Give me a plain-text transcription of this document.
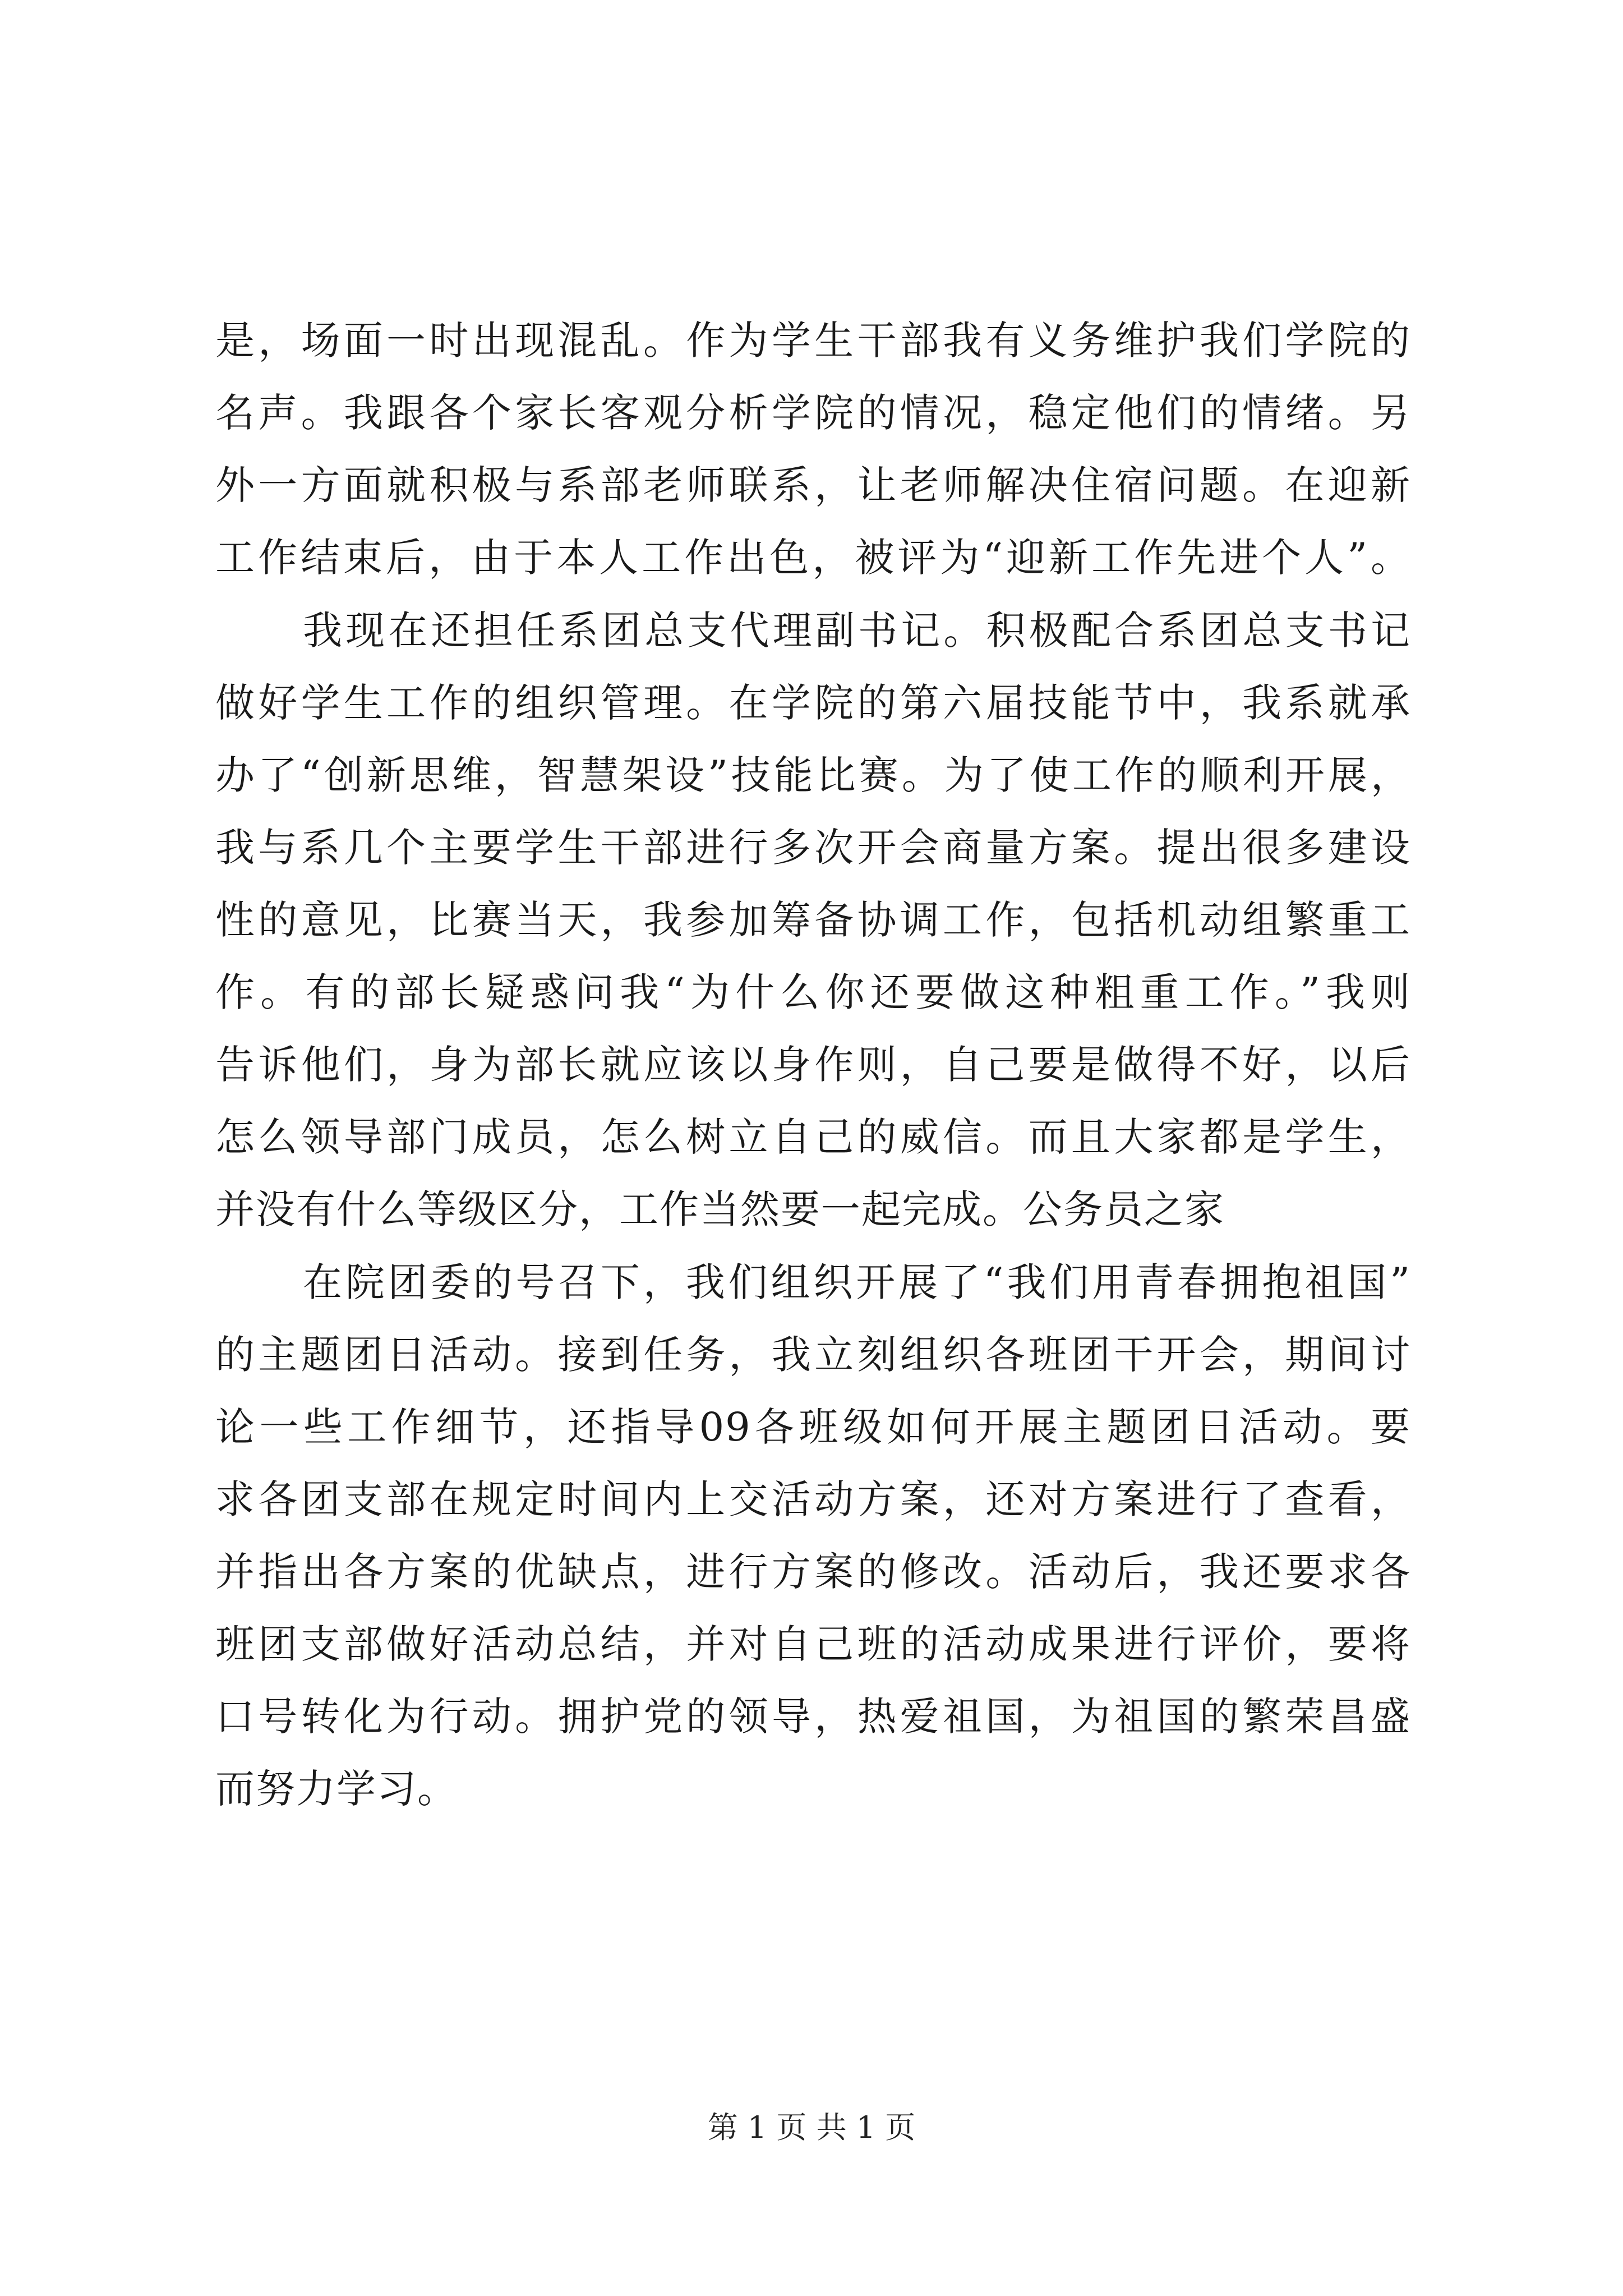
是，场面一时出现混乱。作为学生干部我有义务维护我们学院的
名声。我跟各个家长客观分析学院的情况，稳定他们的情绪。另
外一方面就积极与系部老师联系，让老师解决住宿问题。在迎新
工作结束后，由于本人工作出色，被评为“迎新工作先进个人”。
我现在还担任系团总支代理副书记。积极配合系团总支书记
做好学生工作的组织管理。在学院的第六届技能节中，我系就承
办了“创新思维，智慧架设”技能比赛。为了使工作的顺利开展，
我与系几个主要学生干部进行多次开会商量方案。提出很多建设
性的意见，比赛当天，我参加筹备协调工作，包括机动组繁重工
作。有的部长疑惑问我“为什么你还要做这种粗重工作。”我则
告诉他们，身为部长就应该以身作则，自己要是做得不好，以后
怎么领导部门成员，怎么树立自己的威信。而且大家都是学生，
并没有什么等级区分，工作当然要一起完成。公务员之家
在院团委的号召下，我们组织开展了“我们用青春拥抱祖国”
的主题团日活动。接到任务，我立刻组织各班团干开会，期间讨
论一些工作细节，还指导09各班级如何开展主题团日活动。要
求各团支部在规定时间内上交活动方案，还对方案进行了查看，
并指出各方案的优缺点，进行方案的修改。活动后，我还要求各
班团支部做好活动总结，并对自己班的活动成果进行评价，要将
口号转化为行动。拥护党的领导，热爱祖国，为祖国的繁荣昌盛
而努力学习。
第 1 页 共 1 页
